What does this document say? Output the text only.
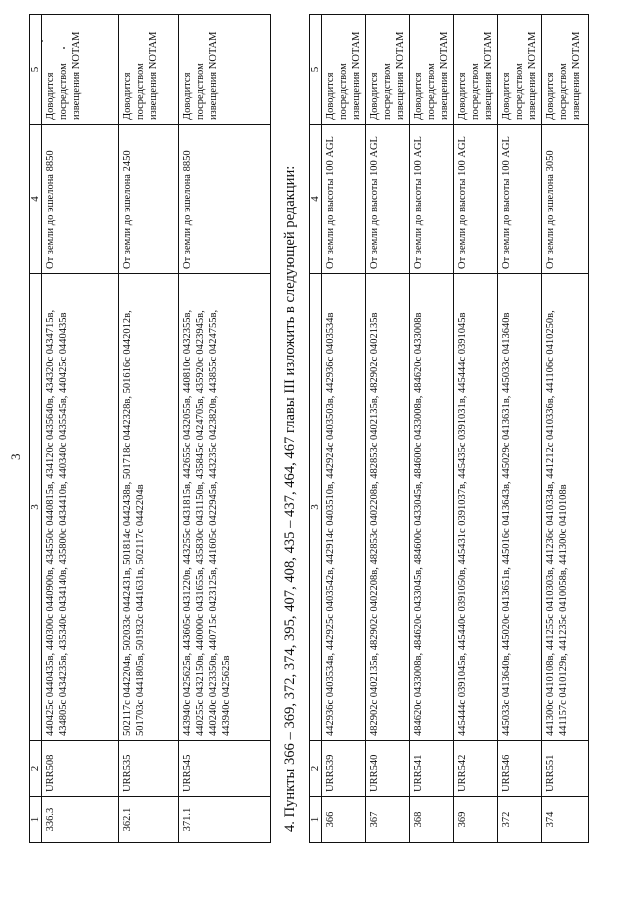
3
1	2	3	4	5
336.3	URR508	440425с 0440435в, 440300с 0440900в, 434550с 0440815в, 434120с 0435640в, 434320с 0434715в, 434805с 0434235в, 435340с 0434140в, 435800с 0434410в, 440340с 0435545в, 440425с 0440435в	От земли до эшелона 8850	Доводится посредством извещения NOTAM
362.1	URR535	502117с 0442204в, 502033с 0442431в, 501814с 0442438в, 501718с 0442328в, 501616с 0442012в, 501703с 0441805в, 501932с 0441631в, 502117с 0442204в	От земли до эшелона 2450	Доводится посредством извещения NOTAM
371.1	URR545	443940с 0425625в, 443605с 0431220в, 443255с 0431815в, 442655с 0432055в, 440810с 0432355в, 440255с 0432150в, 440000с 0431655в, 435830с 0431150в, 435845с 0424705в, 435920с 0423945в, 440240с 0423350в, 440715с 0423125в, 441605с 0422945в, 443235с 0423820в, 443855с 0424755в, 443940с 0425625в	От земли до эшелона 8850	Доводится посредством извещения NOTAM
4. Пункты 366 – 369, 372, 374, 395, 407, 408, 435 – 437, 464, 467 главы III изложить в следующей редакции: 1	2	3	4	5
366	URR539	442936с 0403534в, 442925с 0403542в, 442914с 0403510в, 442924с 0403503в, 442936с 0403534в	От земли до высоты 100 AGL	Доводится посредством извещения NOTAM
367	URR540	482902с 0402135в, 482902с 0402208в, 482853с 0402208в, 482853с 0402135в, 482902с 0402135в	От земли до высоты 100 AGL	Доводится посредством извещения NOTAM
368	URR541	484620с 0433008в, 484620с 0433045в, 484600с 0433045в, 484600с 0433008в, 484620с 0433008в	От земли до высоты 100 AGL	Доводится посредством извещения NOTAM
369	URR542	445444с 0391045в, 445440с 0391050в, 445431с 0391037в, 445435с 0391031в, 445444с 0391045в	От земли до высоты 100 AGL	Доводится посредством извещения NOTAM
372	URR546	445033с 0413640в, 445020с 0413651в, 445016с 0413643в, 445029с 0413631в, 445033с 0413640в	От земли до высоты 100 AGL	Доводится посредством извещения NOTAM
374	URR551	441300с 0410108в, 441255с 0410303в, 441236с 0410334в, 441212с 0410336в, 441106с 0410250в, 441157с 0410129в, 441235с 0410058в, 441300с 0410108в	От земли до эшелона 3050	Доводится посредством извещения NOTAM
